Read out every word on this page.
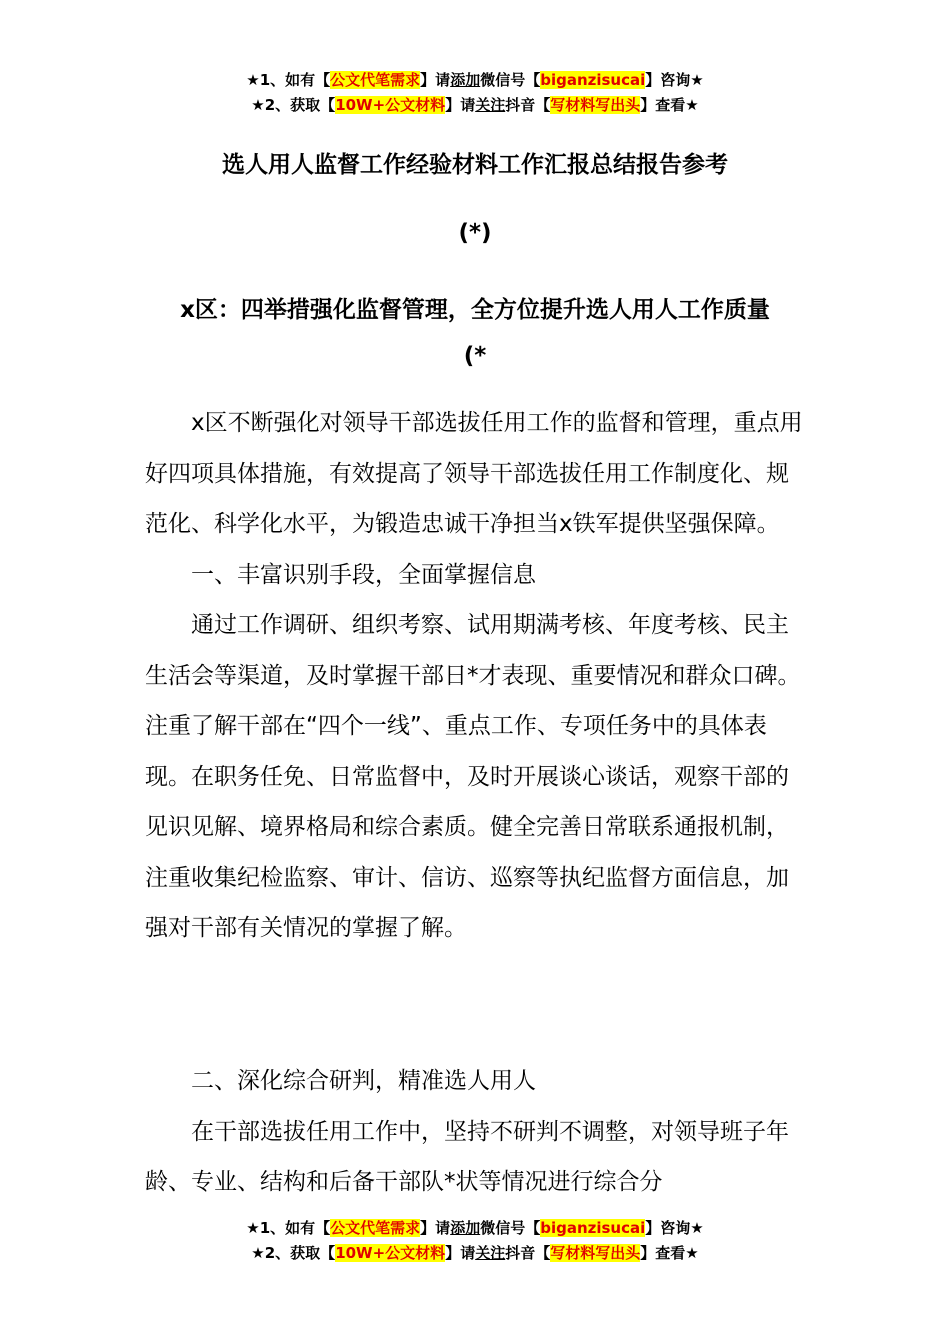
★1、如有【公文代笔需求】请添加微信号【biganzisucai】咨询★
★2、获取【10W+公文材料】请关注抖音【写材料写出头】查看★
选人用人监督工作经验材料工作汇报总结报告参考
(*)
x区：四举措强化监督管理，全方位提升选人用人工作质量
(*

x区不断强化对领导干部选拔任用工作的监督和管理，重点用好四项具体措施，有效提高了领导干部选拔任用工作制度化、规范化、科学化水平，为锻造忠诚干净担当x铁军提供坚强保障。

一、丰富识别手段，全面掌握信息

通过工作调研、组织考察、试用期满考核、年度考核、民主生活会等渠道，及时掌握干部日*才表现、重要情况和群众口碑。注重了解干部在“四个一线”、重点工作、专项任务中的具体表现。在职务任免、日常监督中，及时开展谈心谈话，观察干部的见识见解、境界格局和综合素质。健全完善日常联系通报机制，注重收集纪检监察、审计、信访、巡察等执纪监督方面信息，加强对干部有关情况的掌握了解。

二、深化综合研判，精准选人用人

在干部选拔任用工作中，坚持不研判不调整，对领导班子年龄、专业、结构和后备干部队*状等情况进行综合分

★1、如有【公文代笔需求】请添加微信号【biganzisucai】咨询★
★2、获取【10W+公文材料】请关注抖音【写材料写出头】查看★
